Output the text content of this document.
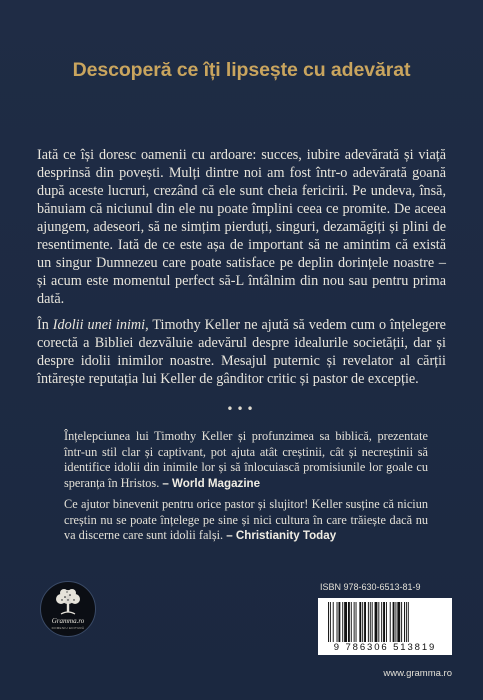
Descoperă ce îți lipsește cu adevărat

Iată ce își doresc oamenii cu ardoare: succes, iubire adevărată și viață desprinsă din povești. Mulți dintre noi am fost într-o adevărată goană după aceste lucruri, crezând că ele sunt cheia fericirii. Pe undeva, însă, bănuiam că niciunul din ele nu poate împlini ceea ce promite. De aceea ajungem, adeseori, să ne simțim pierduți, singuri, dezamăgiți și plini de resentimente. Iată de ce este așa de important să ne amintim că există un singur Dumnezeu care poate satisface pe deplin dorințele noastre – și acum este momentul perfect să-L întâlnim din nou sau pentru prima dată.

În Idolii unei inimi, Timothy Keller ne ajută să vedem cum o înțelegere corectă a Bibliei dezvăluie adevărul despre idealurile societății, dar și despre idolii inimilor noastre. Mesajul puternic și revelator al cărții întărește reputația lui Keller de gânditor critic și pastor de excepție.

•••

Înțelepciunea lui Timothy Keller și profunzimea sa biblică, prezentate într-un stil clar și captivant, pot ajuta atât creștinii, cât și necreștinii să identifice idolii din inimile lor și să înlocuiască promisiunile lor goale cu speranța în Hristos. – World Magazine

Ce ajutor binevenit pentru orice pastor și slujitor! Keller susține că niciun creștin nu se poate înțelege pe sine și nici cultura în care trăiește dacă nu va discerne care sunt idolii falși. – Christianity Today

Gramma.ro
DOMENIU EDITURĂ
ISBN 978-630-6513-81-9
9 786306 513819
www.gramma.ro
